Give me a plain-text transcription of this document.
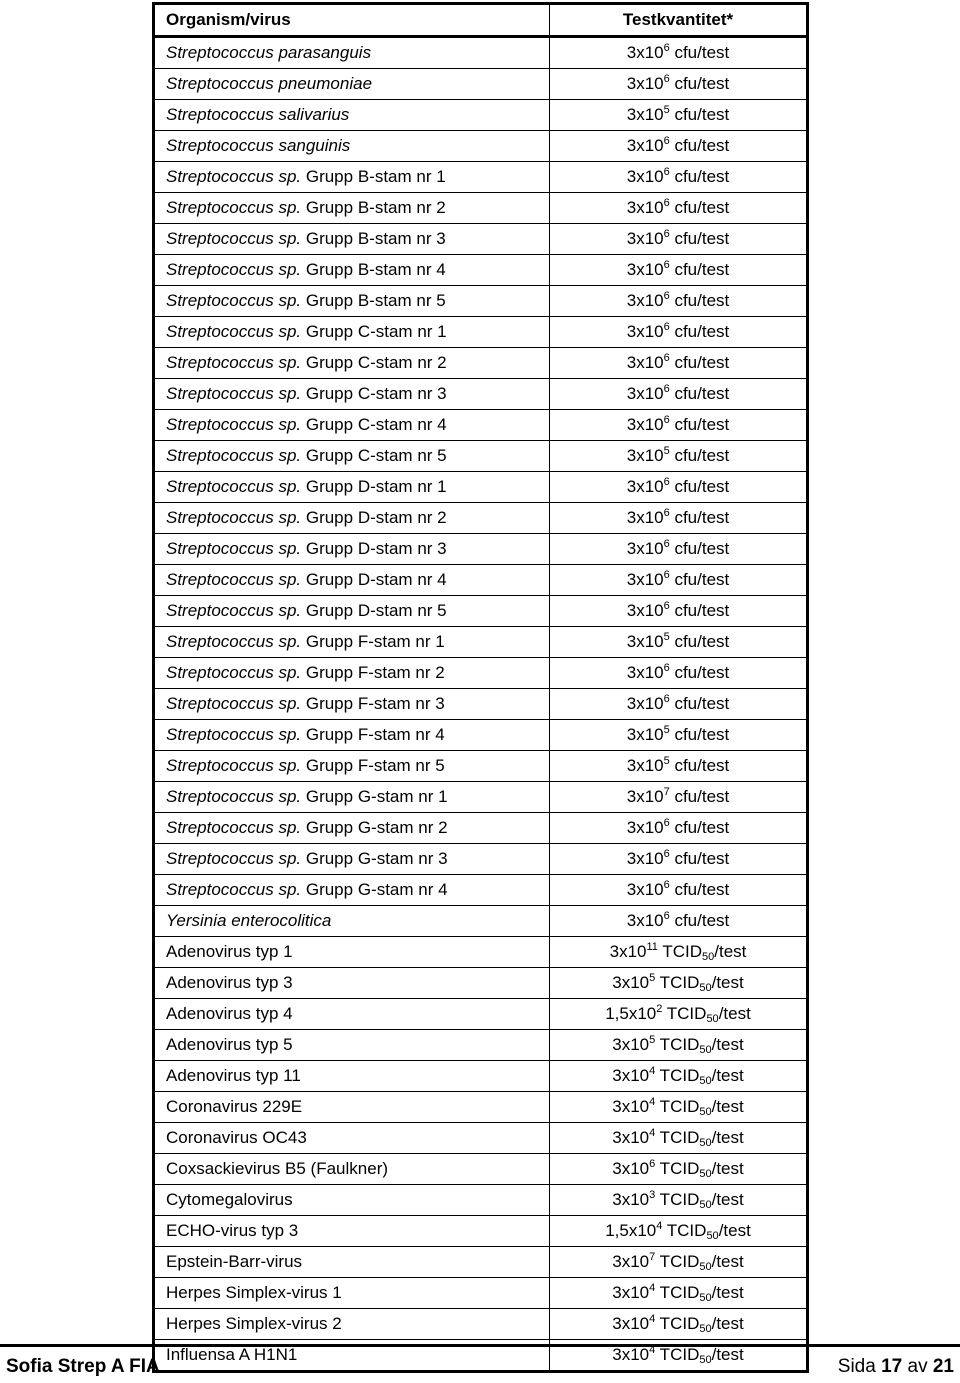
Organism/virus	Testkvantitet*
Streptococcus parasanguis	$3x10^6$ cfu/test
Streptococcus pneumoniae	$3x10^6$ cfu/test
Streptococcus salivarius	$3x10^5$ cfu/test
Streptococcus sanguinis	$3x10^6$ cfu/test
Streptococcus sp. Grupp B-stam nr 1	$3x10^6$ cfu/test
Streptococcus sp. Grupp B-stam nr 2	$3x10^6$ cfu/test
Streptococcus sp. Grupp B-stam nr 3	$3x10^6$ cfu/test
Streptococcus sp. Grupp B-stam nr 4	$3x10^6$ cfu/test
Streptococcus sp. Grupp B-stam nr 5	$3x10^6$ cfu/test
Streptococcus sp. Grupp C-stam nr 1	$3x10^6$ cfu/test
Streptococcus sp. Grupp C-stam nr 2	$3x10^6$ cfu/test
Streptococcus sp. Grupp C-stam nr 3	$3x10^6$ cfu/test
Streptococcus sp. Grupp C-stam nr 4	$3x10^6$ cfu/test
Streptococcus sp. Grupp C-stam nr 5	$3x10^5$ cfu/test
Streptococcus sp. Grupp D-stam nr 1	$3x10^6$ cfu/test
Streptococcus sp. Grupp D-stam nr 2	$3x10^6$ cfu/test
Streptococcus sp. Grupp D-stam nr 3	$3x10^6$ cfu/test
Streptococcus sp. Grupp D-stam nr 4	$3x10^6$ cfu/test
Streptococcus sp. Grupp D-stam nr 5	$3x10^6$ cfu/test
Streptococcus sp. Grupp F-stam nr 1	$3x10^5$ cfu/test
Streptococcus sp. Grupp F-stam nr 2	$3x10^6$ cfu/test
Streptococcus sp. Grupp F-stam nr 3	$3x10^6$ cfu/test
Streptococcus sp. Grupp F-stam nr 4	$3x10^5$ cfu/test
Streptococcus sp. Grupp F-stam nr 5	$3x10^5$ cfu/test
Streptococcus sp. Grupp G-stam nr 1	$3x10^7$ cfu/test
Streptococcus sp. Grupp G-stam nr 2	$3x10^6$ cfu/test
Streptococcus sp. Grupp G-stam nr 3	$3x10^6$ cfu/test
Streptococcus sp. Grupp G-stam nr 4	$3x10^6$ cfu/test
Yersinia enterocolitica	$3x10^6$ cfu/test
Adenovirus typ 1	$3x10^{11}$ $TCID_{50}$/test
Adenovirus typ 3	$3x10^5$ $TCID_{50}$/test
Adenovirus typ 4	$1,5x10^2$ $TCID_{50}$/test
Adenovirus typ 5	$3x10^5$ $TCID_{50}$/test
Adenovirus typ 11	$3x10^4$ $TCID_{50}$/test
Coronavirus 229E	$3x10^4$ $TCID_{50}$/test
Coronavirus OC43	$3x10^4$ $TCID_{50}$/test
Coxsackievirus B5 (Faulkner)	$3x10^6$ $TCID_{50}$/test
Cytomegalovirus	$3x10^3$ $TCID_{50}$/test
ECHO-virus typ 3	$1,5x10^4$ $TCID_{50}$/test
Epstein-Barr-virus	$3x10^7$ $TCID_{50}$/test
Herpes Simplex-virus 1	$3x10^4$ $TCID_{50}$/test
Herpes Simplex-virus 2	$3x10^4$ $TCID_{50}$/test
Influensa A H1N1	$3x10^4$ $TCID_{50}$/test
Sofia Strep A FIA	Sida 17 av 21
